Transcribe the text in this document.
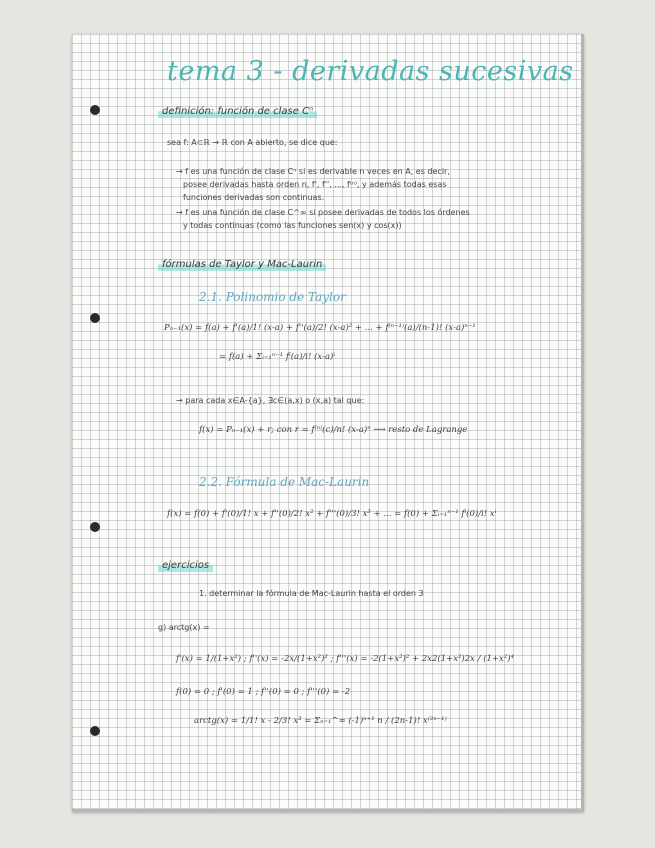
tema 3 - derivadas sucesivas
definición: función de clase Cⁿ
sea f: A⊂ℝ → ℝ con A abierto, se dice que:
→ f es una función de clase Cⁿ si es derivable n veces en A, es decir,
posee derivadas hasta orden n, f', f'', ..., f⁽ⁿ⁾, y además todas esas
funciones derivadas son continuas.
→ f es una función de clase C^∞ si posee derivadas de todos los órdenes
y todas continuas (como las funciones sen(x) y cos(x))
fórmulas de Taylor y Mac-Laurin
2.1. Polinomio de Taylor
Pₙ₋₁(x) = f(a) + f'(a)/1! (x-a) + f''(a)/2! (x-a)² + ... + f⁽ⁿ⁻¹⁾(a)/(n-1)! (x-a)ⁿ⁻¹
= f(a) + Σᵢ₌₁ⁿ⁻¹ fⁱ(a)/i! (x-a)ⁱ
→ para cada x∈A-{a}, ∃c∈(a,x) o (x,a) tal que:
f(x) = Pₙ₋₁(x) + r; con r = f⁽ⁿ⁾(c)/n! (x-a)ⁿ ⟶ resto de Lagrange
2.2. Fórmula de Mac-Laurin
f(x) = f(0) + f'(0)/1! x + f''(0)/2! x² + f'''(0)/3! x³ + ... = f(0) + Σᵢ₌₁ⁿ⁻¹ fⁱ(0)/i! xⁱ
ejercicios
1. determinar la fórmula de Mac-Laurin hasta el orden 3
g) arctg(x) =
f'(x) = 1/(1+x²) ; f''(x) = -2x/(1+x²)² ; f'''(x) = -2(1+x²)² + 2x2(1+x²)2x / (1+x²)⁴
f(0) = 0 ; f'(0) = 1 ; f''(0) = 0 ; f'''(0) = -2
arctg(x) = 1/1! x - 2/3! x³ = Σₙ₌₁^∞ (-1)ⁿ⁺¹ n / (2n-1)! x⁽²ⁿ⁻¹⁾
